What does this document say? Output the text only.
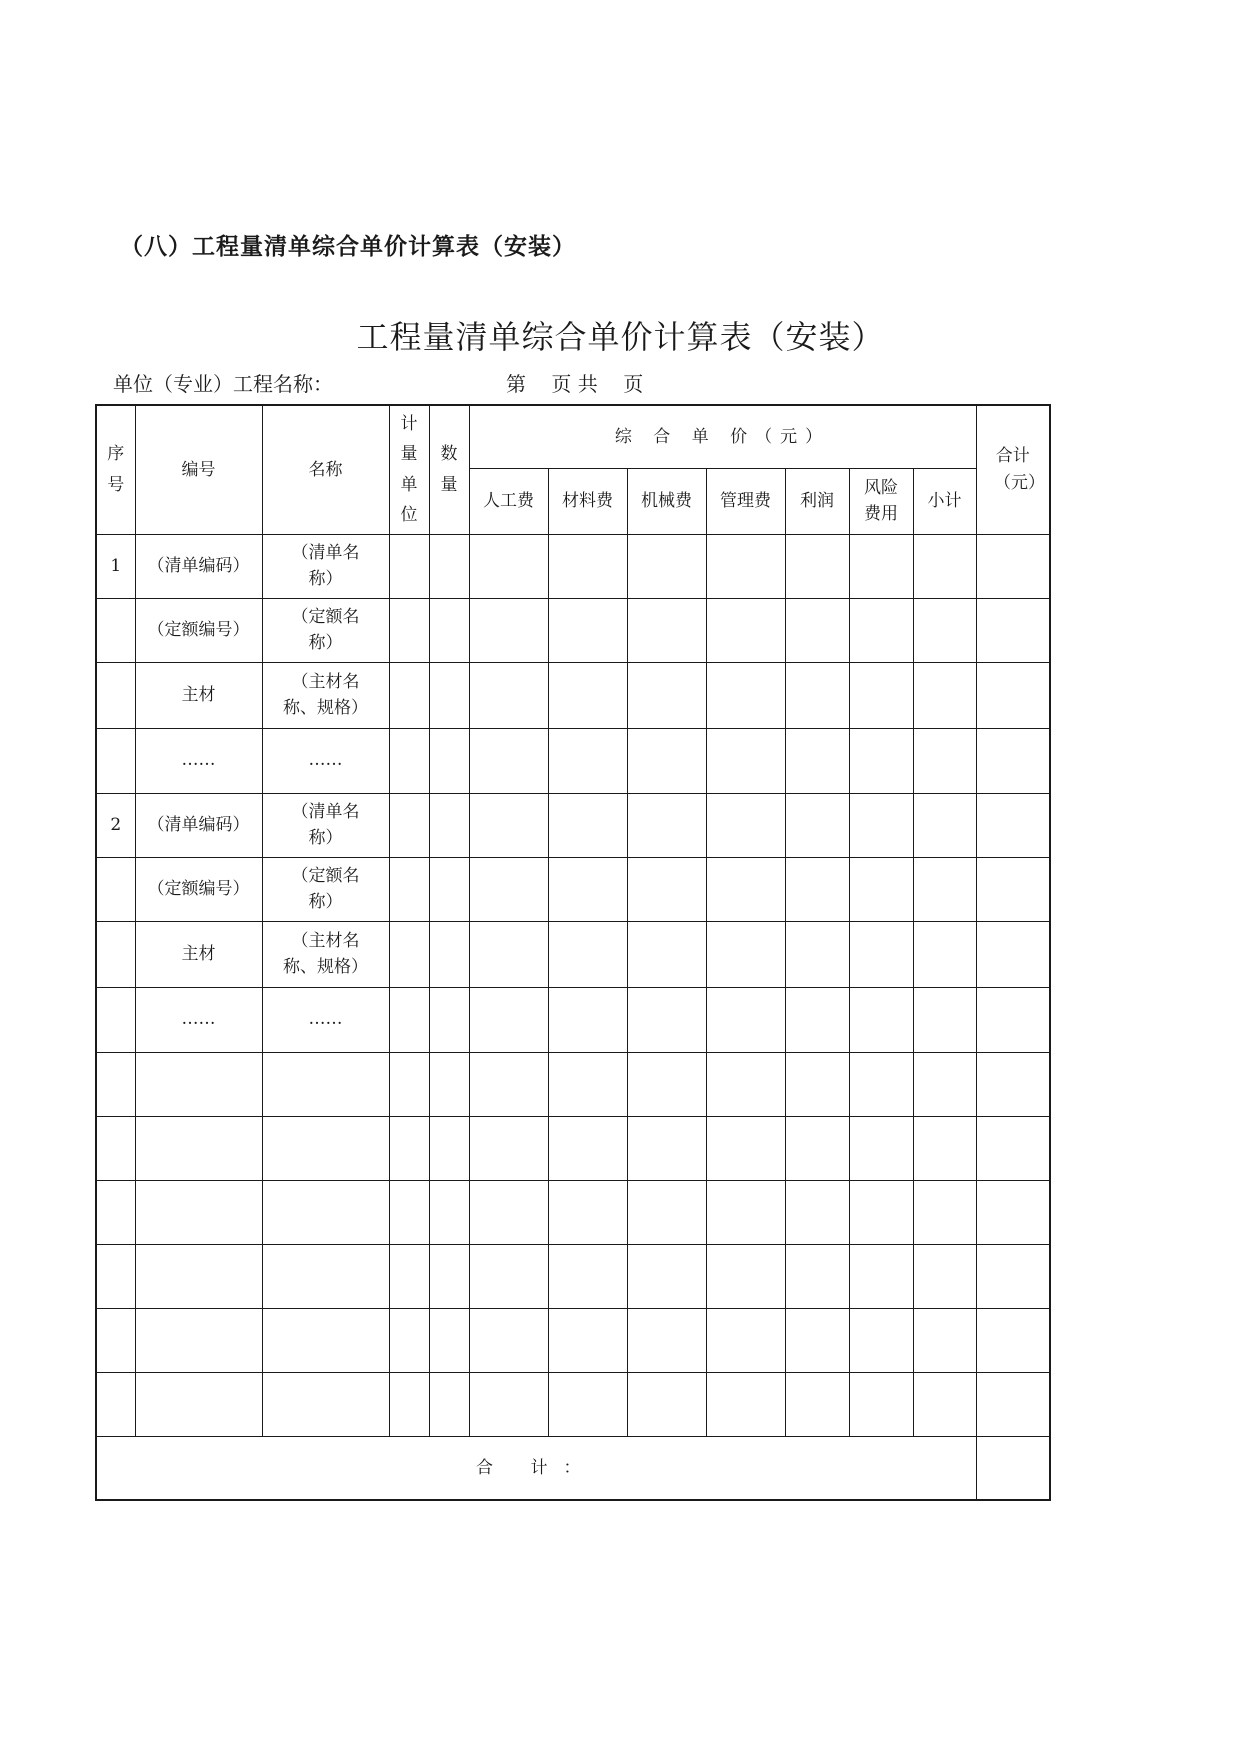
（八）工程量清单综合单价计算表（安装）
工程量清单综合单价计算表（安装）
单位（专业）工程名称：	第    页 共    页
序号	编号	名称	计量单位	数量	综 合 单 价（元）							合计（元）
					人工费	材料费	机械费	管理费	利润	风险费用	小计	
1	（清单编码）	（清单名称）										
	（定额编号）	（定额名称）										
	主材	（主材名称、规格）										
	……	……										
2	（清单编码）	（清单名称）										
	（定额编号）	（定额名称）										
	主材	（主材名称、规格）										
	……	……										

合 计：												
